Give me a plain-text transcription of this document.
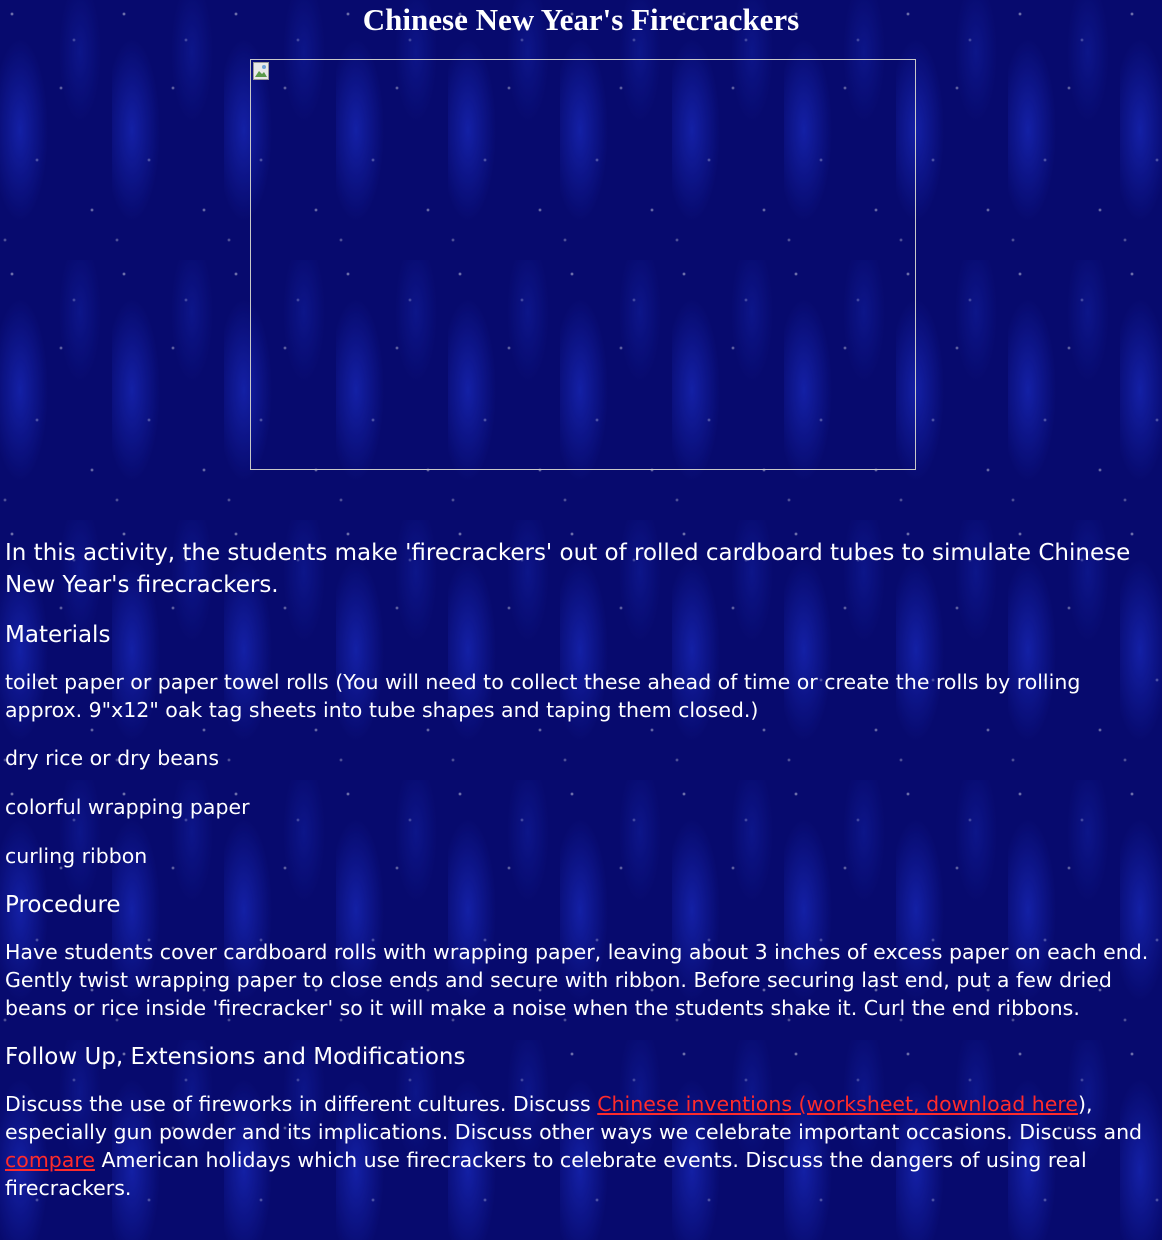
Chinese New Year's Firecrackers

In this activity, the students make 'firecrackers' out of rolled cardboard tubes to simulate Chinese New Year's firecrackers.

Materials

toilet paper or paper towel rolls (You will need to collect these ahead of time or create the rolls by rolling approx. 9"x12" oak tag sheets into tube shapes and taping them closed.)

dry rice or dry beans

colorful wrapping paper

curling ribbon

Procedure

Have students cover cardboard rolls with wrapping paper, leaving about 3 inches of excess paper on each end. Gently twist wrapping paper to close ends and secure with ribbon. Before securing last end, put a few dried beans or rice inside 'firecracker' so it will make a noise when the students shake it. Curl the end ribbons.

Follow Up, Extensions and Modifications

Discuss the use of fireworks in different cultures. Discuss Chinese inventions (worksheet, download here), especially gun powder and its implications. Discuss other ways we celebrate important occasions. Discuss and compare American holidays which use firecrackers to celebrate events. Discuss the dangers of using real firecrackers.
